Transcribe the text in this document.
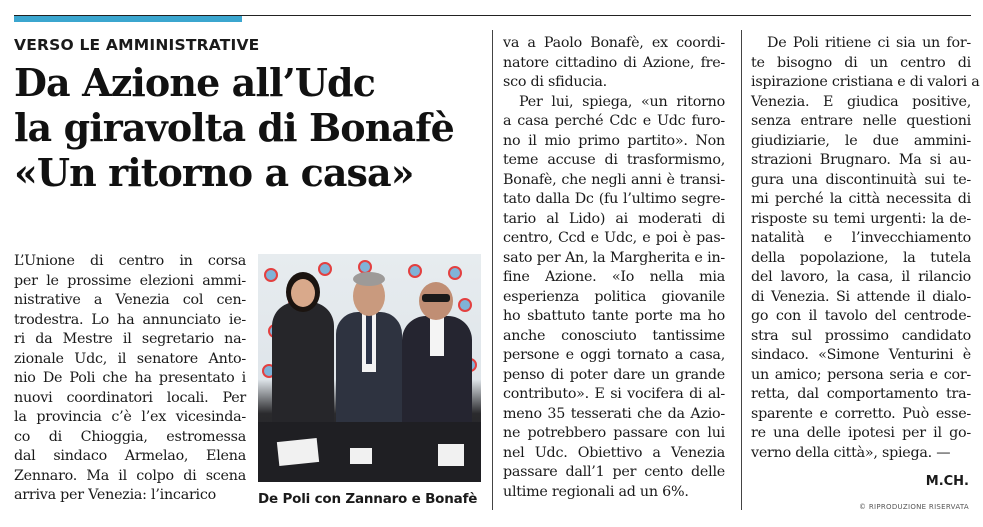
VERSO LE AMMINISTRATIVE
Da Azione all’Udc
la giravolta di Bonafè
«Un ritorno a casa»
L’Unione di centro in corsa
per le prossime elezioni ammi-
nistrative a Venezia col cen-
trodestra. Lo ha annunciato ie-
ri da Mestre il segretario na-
zionale Udc, il senatore Anto-
nio De Poli che ha presentato i
nuovi coordinatori locali. Per
la provincia c’è l’ex vicesinda-
co di Chioggia, estromessa
dal sindaco Armelao, Elena
Zennaro. Ma il colpo di scena
arriva per Venezia: l’incarico
va a Paolo Bonafè, ex coordi-
natore cittadino di Azione, fre-
sco di sfiducia.
Per lui, spiega, «un ritorno
a casa perché Cdc e Udc furo-
no il mio primo partito». Non
teme accuse di trasformismo,
Bonafè, che negli anni è transi-
tato dalla Dc (fu l’ultimo segre-
tario al Lido) ai moderati di
centro, Ccd e Udc, e poi è pas-
sato per An, la Margherita e in-
fine Azione. «Io nella mia
esperienza politica giovanile
ho sbattuto tante porte ma ho
anche conosciuto tantissime
persone e oggi tornato a casa,
penso di poter dare un grande
contributo». E si vocifera di al-
meno 35 tesserati che da Azio-
ne potrebbero passare con lui
nel Udc. Obiettivo a Venezia
passare dall’1 per cento delle
ultime regionali ad un 6%.
De Poli ritiene ci sia un for-
te bisogno di un centro di
ispirazione cristiana e di valori a
Venezia. E giudica positive,
senza entrare nelle questioni
giudiziarie, le due ammini-
strazioni Brugnaro. Ma si au-
gura una discontinuità sui te-
mi perché la città necessita di
risposte su temi urgenti: la de-
natalità e l’invecchiamento
della popolazione, la tutela
del lavoro, la casa, il rilancio
di Venezia. Si attende il dialo-
go con il tavolo del centrode-
stra sul prossimo candidato
sindaco. «Simone Venturini è
un amico; persona seria e cor-
retta, dal comportamento tra-
sparente e corretto. Può esse-
re una delle ipotesi per il go-
verno della città», spiega. —
M.CH.
De Poli con Zannaro e Bonafè	© RIPRODUZIONE RISERVATA
